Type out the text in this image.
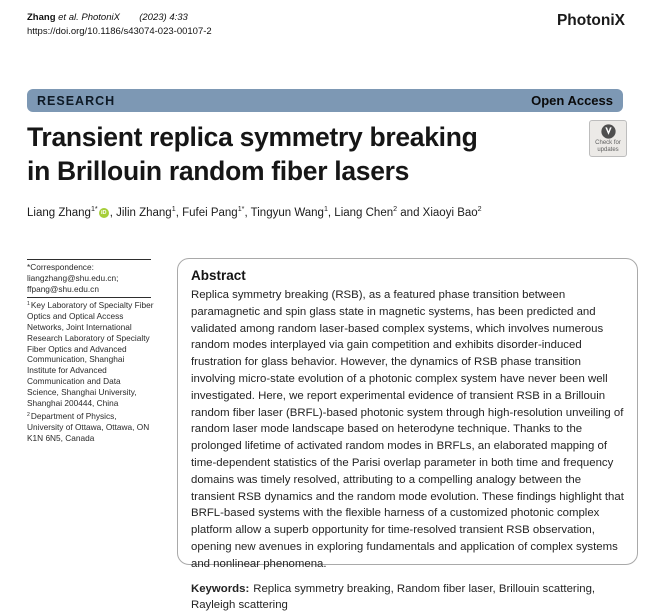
Zhang et al. PhotoniX (2023) 4:33
https://doi.org/10.1186/s43074-023-00107-2
PhotoniX
RESEARCH	Open Access
Check for
updates
Transient replica symmetry breaking
in Brillouin random fiber lasers
Liang Zhang$^{1*}$ iD , Jilin Zhang$^1$, Fufei Pang$^{1*}$, Tingyun Wang$^1$, Liang Chen$^2$ and Xiaoyi Bao$^2$
*Correspondence:
liangzhang@shu.edu.cn;
ffpang@shu.edu.cn
$^1$Key Laboratory of Specialty Fiber Optics and Optical Access Networks, Joint International Research Laboratory of Specialty Fiber Optics and Advanced Communication, Shanghai Institute for Advanced Communication and Data Science, Shanghai University, Shanghai 200444, China
$^2$Department of Physics, University of Ottawa, Ottawa, ON K1N 6N5, Canada
Abstract

Replica symmetry breaking (RSB), as a featured phase transition between paramagnetic and spin glass state in magnetic systems, has been predicted and validated among random laser-based complex systems, which involves numerous random modes interplayed via gain competition and exhibits disorder-induced frustration for glass behavior. However, the dynamics of RSB phase transition involving micro-state evolution of a photonic complex system have never been well investigated. Here, we report experimental evidence of transient RSB in a Brillouin random fiber laser (BRFL)-based photonic system through high-resolution unveiling of random laser mode landscape based on heterodyne technique. Thanks to the prolonged lifetime of activated random modes in BRFLs, an elaborated mapping of time-dependent statistics of the Parisi overlap parameter in both time and frequency domains was timely resolved, attributing to a compelling analogy between the transient RSB dynamics and the random mode evolution. These findings highlight that BRFL-based systems with the flexible harness of a customized photonic complex platform allow a superb opportunity for time-resolved transient RSB observation, opening new avenues in exploring fundamentals and application of complex systems and nonlinear phenomena.

Keywords: Replica symmetry breaking, Random fiber laser, Brillouin scattering, Rayleigh scattering
